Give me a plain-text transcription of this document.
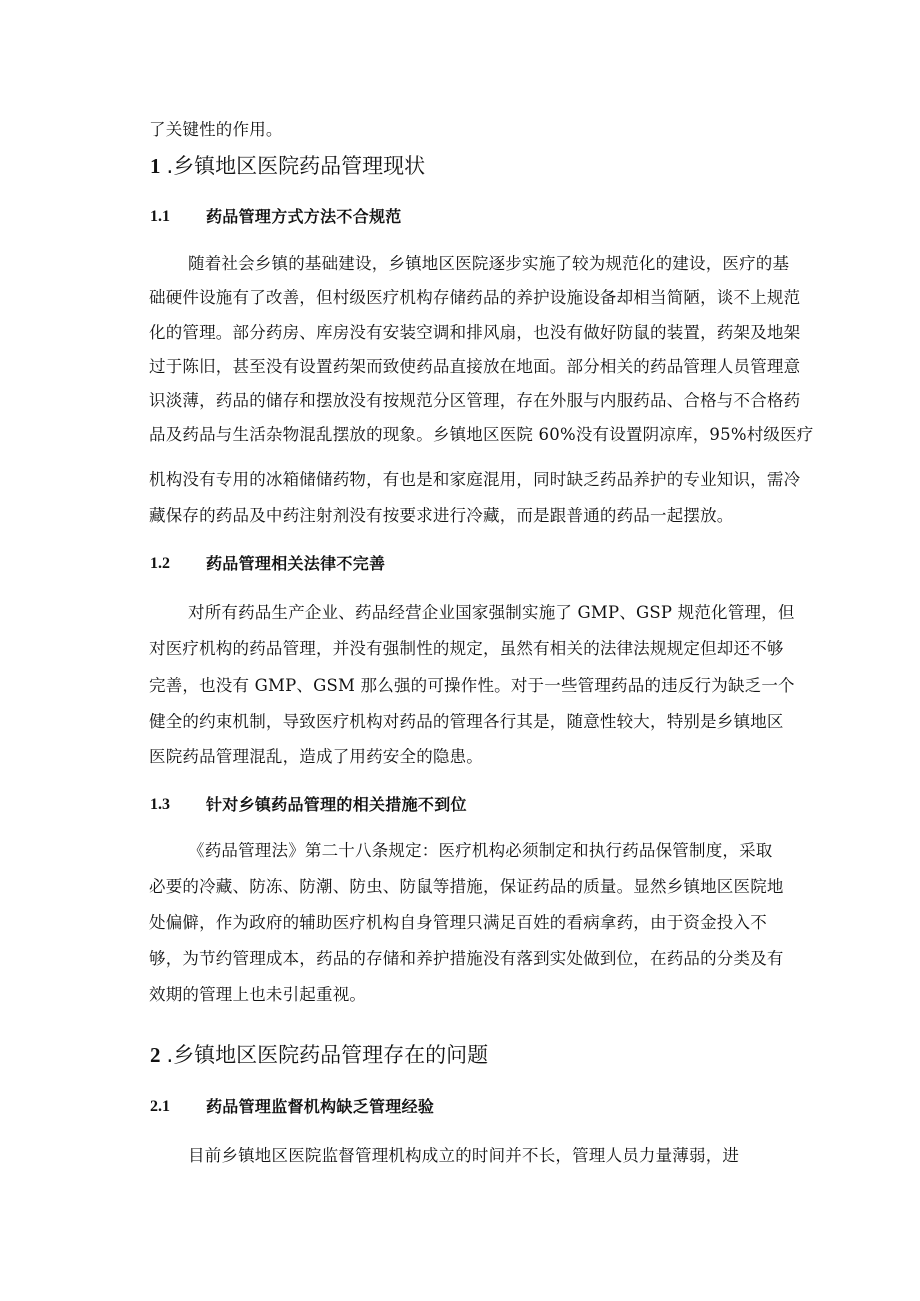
了关键性的作用。
1 .乡镇地区医院药品管理现状
1.1 药品管理方式方法不合规范
随着社会乡镇的基础建设，乡镇地区医院逐步实施了较为规范化的建设，医疗的基
础硬件设施有了改善，但村级医疗机构存储药品的养护设施设备却相当简陋，谈不上规范
化的管理。部分药房、库房没有安装空调和排风扇，也没有做好防鼠的装置，药架及地架
过于陈旧，甚至没有设置药架而致使药品直接放在地面。部分相关的药品管理人员管理意
识淡薄，药品的储存和摆放没有按规范分区管理，存在外服与内服药品、合格与不合格药
品及药品与生活杂物混乱摆放的现象。乡镇地区医院 60%没有设置阴凉库，95%村级医疗
机构没有专用的冰箱储储药物，有也是和家庭混用，同时缺乏药品养护的专业知识，需冷
藏保存的药品及中药注射剂没有按要求进行冷藏，而是跟普通的药品一起摆放。
1.2 药品管理相关法律不完善
对所有药品生产企业、药品经营企业国家强制实施了 GMP、GSP 规范化管理，但
对医疗机构的药品管理，并没有强制性的规定，虽然有相关的法律法规规定但却还不够
完善，也没有 GMP、GSM 那么强的可操作性。对于一些管理药品的违反行为缺乏一个
健全的约束机制，导致医疗机构对药品的管理各行其是，随意性较大，特别是乡镇地区
医院药品管理混乱，造成了用药安全的隐患。
1.3 针对乡镇药品管理的相关措施不到位
《药品管理法》第二十八条规定：医疗机构必须制定和执行药品保管制度，采取
必要的冷藏、防冻、防潮、防虫、防鼠等措施，保证药品的质量。显然乡镇地区医院地
处偏僻，作为政府的辅助医疗机构自身管理只满足百姓的看病拿药，由于资金投入不
够，为节约管理成本，药品的存储和养护措施没有落到实处做到位，在药品的分类及有
效期的管理上也未引起重视。
2 .乡镇地区医院药品管理存在的问题
2.1 药品管理监督机构缺乏管理经验
目前乡镇地区医院监督管理机构成立的时间并不长，管理人员力量薄弱，进
